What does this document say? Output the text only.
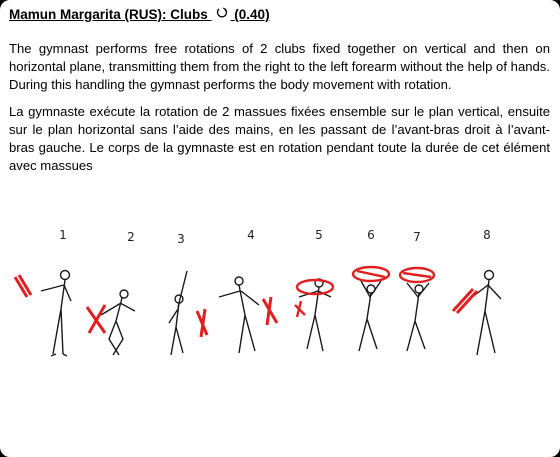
Mamun Margarita (RUS): Clubs (0.40)

The gymnast performs free rotations of 2 clubs fixed together on vertical and then on horizontal plane, transmitting them from the right to the left forearm without the help of hands. During this handling the gymnast performs the body movement with rotation.

La gymnaste exécute la rotation de 2 massues fixées ensemble sur le plan vertical, ensuite sur le plan horizontal sans l’aide des mains, en les passant de l’avant-bras droit à l’avant-bras gauche. Le corps de la gymnaste est en rotation pendant toute la durée de cet élément avec massues

1	2	3	4	5	6	7	8
